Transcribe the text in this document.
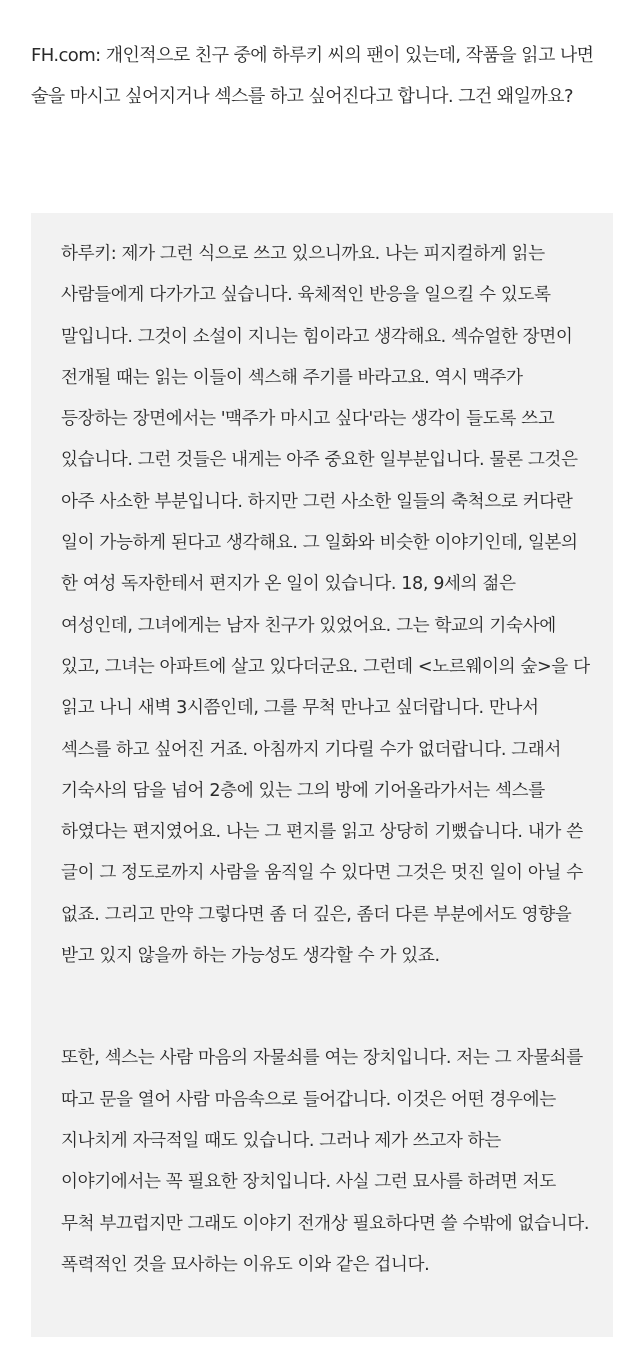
FH.com: 개인적으로 친구 중에 하루키 씨의 팬이 있는데, 작품을 읽고 나면 술을 마시고 싶어지거나 섹스를 하고 싶어진다고 합니다. 그건 왜일까요?

하루키: 제가 그런 식으로 쓰고 있으니까요. 나는 피지컬하게 읽는 사람들에게 다가가고 싶습니다. 육체적인 반응을 일으킬 수 있도록 말입니다. 그것이 소설이 지니는 힘이라고 생각해요. 섹슈얼한 장면이 전개될 때는 읽는 이들이 섹스해 주기를 바라고요. 역시 맥주가 등장하는 장면에서는 '맥주가 마시고 싶다'라는 생각이 들도록 쓰고 있습니다. 그런 것들은 내게는 아주 중요한 일부분입니다. 물론 그것은 아주 사소한 부분입니다. 하지만 그런 사소한 일들의 축척으로 커다란 일이 가능하게 된다고 생각해요. 그 일화와 비슷한 이야기인데, 일본의 한 여성 독자한테서 편지가 온 일이 있습니다. 18, 9세의 젊은 여성인데, 그녀에게는 남자 친구가 있었어요. 그는 학교의 기숙사에 있고, 그녀는 아파트에 살고 있다더군요. 그런데 <노르웨이의 숲>을 다 읽고 나니 새벽 3시쯤인데, 그를 무척 만나고 싶더랍니다. 만나서 섹스를 하고 싶어진 거죠. 아침까지 기다릴 수가 없더랍니다. 그래서 기숙사의 담을 넘어 2층에 있는 그의 방에 기어올라가서는 섹스를 하였다는 편지였어요. 나는 그 편지를 읽고 상당히 기뻤습니다. 내가 쓴 글이 그 정도로까지 사람을 움직일 수 있다면 그것은 멋진 일이 아닐 수 없죠. 그리고 만약 그렇다면 좀 더 깊은, 좀더 다른 부분에서도 영향을 받고 있지 않을까 하는 가능성도 생각할 수 가 있죠.

또한, 섹스는 사람 마음의 자물쇠를 여는 장치입니다. 저는 그 자물쇠를 따고 문을 열어 사람 마음속으로 들어갑니다. 이것은 어떤 경우에는 지나치게 자극적일 때도 있습니다. 그러나 제가 쓰고자 하는 이야기에서는 꼭 필요한 장치입니다. 사실 그런 묘사를 하려면 저도 무척 부끄럽지만 그래도 이야기 전개상 필요하다면 쓸 수밖에 없습니다. 폭력적인 것을 묘사하는 이유도 이와 같은 겁니다.
